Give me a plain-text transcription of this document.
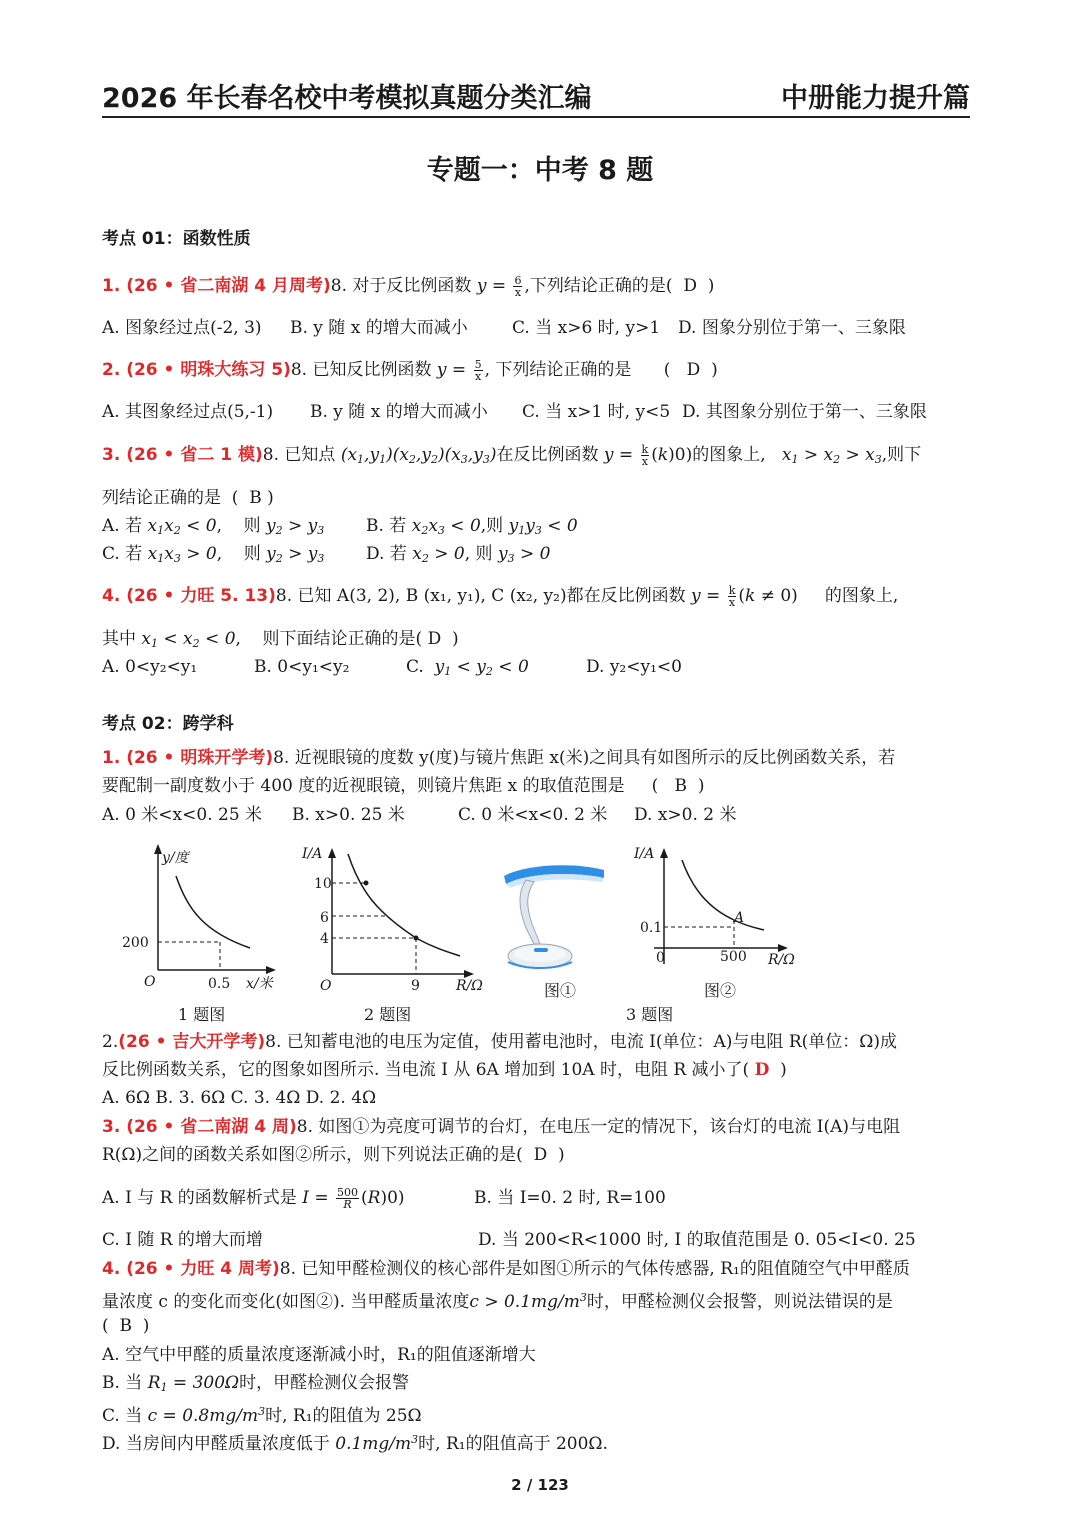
2026 年长春名校中考模拟真题分类汇编	中册能力提升篇
专题一：中考 8 题
考点 01：函数性质
1. (26 • 省二南湖 4 月周考)8. 对于反比例函数 $y = \frac{6}{x}$ ,下列结论正确的是( D  )
A. 图象经过点(-2, 3) B. y 随 x 的增大而减小	C. 当 x>6 时, y>1 D. 图象分别位于第一、三象限
2. (26 • 明珠大练习 5)8. 已知反比例函数 $y = \frac{5}{x}$ , 下列结论正确的是      (   D  )
A. 其图象经过点(5,-1) B. y 随 x 的增大而减小 C. 当 x>1 时, y<5 D. 其图象分别位于第一、三象限
3. (26 • 省二 1 模)8. 已知点 $(x_1,y_1)(x_2,y_2)(x_3,y_3)$在反比例函数 $y = \frac{k}{x} (k)0$)的图象上, $x_1 > x_2 > x_3$,则下
列结论正确的是  (  B )
A. 若 $x_1x_2 < 0$,    则 $y_2 > y_3$ B. 若 $x_2x_3 < 0$,则 $y_1y_3 < 0$
C. 若 $x_1x_3 > 0$,    则 $y_2 > y_3$ D. 若 $x_2 > 0$, 则 $y_3 > 0$
4. (26 • 力旺 5. 13)8. 已知 A(3, 2), B (x₁, y₁), C (x₂, y₂)都在反比例函数 $y = \frac{k}{x} (k \ne 0)$     的图象上,
其中 $x_1 < x_2 < 0$,    则下面结论正确的是( D  )
A. 0<y₂<y₁	B. 0<y₁<y₂	C. $y_1 < y_2 < 0$	D. y₂<y₁<0
考点 02：跨学科
1. (26 • 明珠开学考)8. 近视眼镜的度数 y(度)与镜片焦距 x(米)之间具有如图所示的反比例函数关系，若
要配制一副度数小于 400 度的近视眼镜，则镜片焦距 x 的取值范围是     (   B  )
A. 0 米<x<0. 25 米 B. x>0. 25 米	C. 0 米<x<0. 2 米 D. x>0. 2 米
y/度
200
O	0.5 x/米
1 题图
I/A
10
6
4
O	9	R/Ω
2 题图
图①
I/A
0.1
0	500
A
R/Ω
图②
3 题图
2.(26 • 吉大开学考)8. 已知蓄电池的电压为定值，使用蓄电池时，电流 I(单位：A)与电阻 R(单位：Ω)成
反比例函数关系，它的图象如图所示. 当电流 I 从 6A 增加到 10A 时，电阻 R 减小了( D  )
A. 6Ω B. 3. 6Ω C. 3. 4Ω D. 2. 4Ω
3. (26 • 省二南湖 4 周)8. 如图①为亮度可调节的台灯，在电压一定的情况下，该台灯的电流 I(A)与电阻
R(Ω)之间的函数关系如图②所示，则下列说法正确的是( D  )
A. I 与 R 的函数解析式是 $I = \frac{500}{R} (R)0$)	B. 当 I=0. 2 时, R=100
C. I 随 R 的增大而增	D. 当 200<R<1000 时, I 的取值范围是 0. 05<I<0. 25
4. (26 • 力旺 4 周考)8. 已知甲醛检测仪的核心部件是如图①所示的气体传感器, R₁的阻值随空气中甲醛质
量浓度 c 的变化而变化(如图②). 当甲醛质量浓度$c > 0.1mg/m^3$时，甲醛检测仪会报警，则说法错误的是
(  B  )
A. 空气中甲醛的质量浓度逐渐减小时，R₁的阻值逐渐增大
B. 当 $R_1 = 300\Omega$时，甲醛检测仪会报警
C. 当 $c = 0.8mg/m^3$时, R₁的阻值为 25Ω
D. 当房间内甲醛质量浓度低于 $0.1mg/m^3$时, R₁的阻值高于 200Ω.
2 / 123
